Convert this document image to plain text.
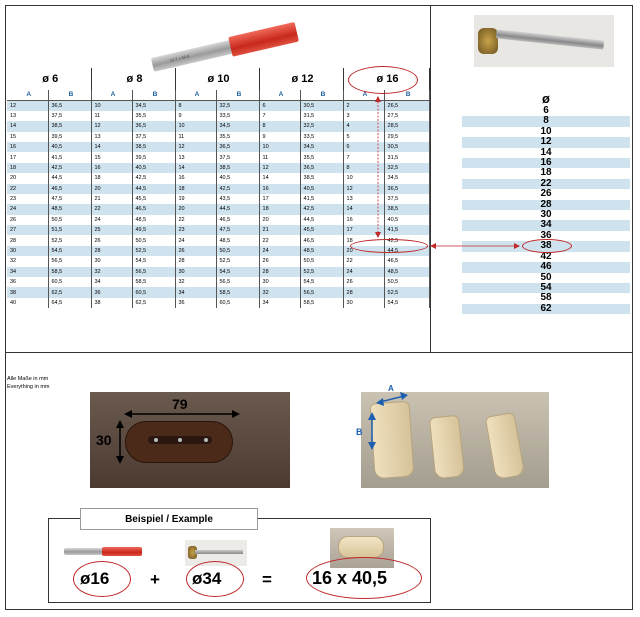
12.7 x 50.8
ø 6		ø 8		ø 10		ø 12		ø 16	
A	B	A	B	A	B	A	B	A	B
12	36,5	10	34,5	8	32,5	6	30,5	2	26,5
13	37,5	11	35,5	9	33,5	7	31,5	3	27,5
14	38,5	12	36,5	10	34,5	8	32,5	4	28,5
15	39,5	13	37,5	11	35,5	9	33,5	5	29,5
16	40,5	14	38,5	12	36,5	10	34,5	6	30,5
17	41,5	15	39,5	13	37,5	11	35,5	7	31,5
18	42,5	16	40,5	14	38,5	12	36,5	8	32,5
20	44,5	18	42,5	16	40,5	14	38,5	10	34,5
22	46,5	20	44,5	18	42,5	16	40,5	12	36,5
23	47,5	21	45,5	19	43,5	17	41,5	13	37,5
24	48,5	22	46,5	20	44,5	18	42,5	14	38,5
26	50,5	24	48,5	22	46,5	20	44,5	16	40,5
27	51,5	25	49,5	23	47,5	21	45,5	17	41,5
28	52,5	26	50,5	24	48,5	22	46,5	18	42,5
30	54,5	28	52,5	26	50,5	24	48,5	20	44,5
32	56,5	30	54,5	28	52,5	26	50,5	22	46,5
34	58,5	32	56,5	30	54,5	28	52,5	24	48,5
36	60,5	34	58,5	32	56,5	30	54,5	26	50,5
38	62,5	36	60,5	34	58,5	32	56,5	28	52,5
40	64,5	38	62,5	36	60,5	34	58,5	30	54,5
ø
6
8
10
12
14
16
18
22
26
28
30
34
36
38
42
46
50
54
58
62
Alle Maße in mm
Everything in mm
79
30
A
B
Beispiel / Example
ø16 + ø34 = 16 x 40,5
